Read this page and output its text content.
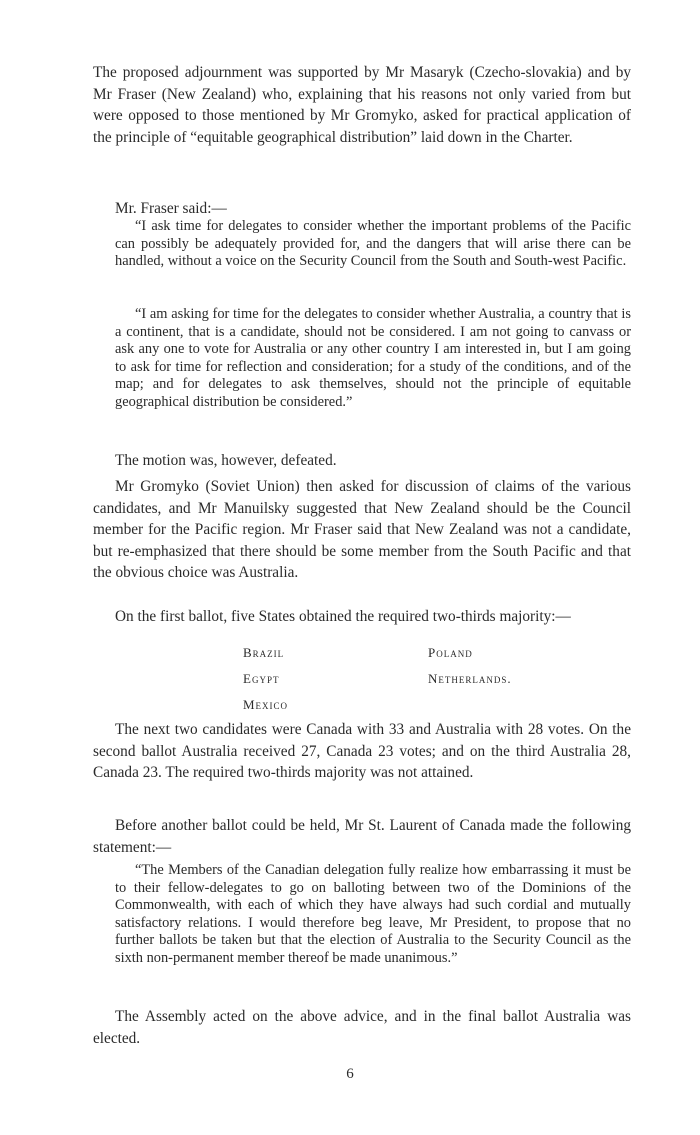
The proposed adjournment was supported by Mr Masaryk (Czecho-slovakia) and by Mr Fraser (New Zealand) who, explaining that his reasons not only varied from but were opposed to those mentioned by Mr Gromyko, asked for practical application of the principle of “equitable geographical distribution” laid down in the Charter.

Mr. Fraser said:—

“I ask time for delegates to consider whether the important problems of the Pacific can possibly be adequately provided for, and the dangers that will arise there can be handled, without a voice on the Security Council from the South and South-west Pacific.

“I am asking for time for the delegates to consider whether Australia, a country that is a continent, that is a candidate, should not be considered. I am not going to canvass or ask any one to vote for Australia or any other country I am interested in, but I am going to ask for time for reflection and consideration; for a study of the conditions, and of the map; and for delegates to ask themselves, should not the principle of equitable geographical distribution be considered.”

The motion was, however, defeated.

Mr Gromyko (Soviet Union) then asked for discussion of claims of the various candidates, and Mr Manuilsky suggested that New Zealand should be the Council member for the Pacific region. Mr Fraser said that New Zealand was not a candidate, but re-emphasized that there should be some member from the South Pacific and that the obvious choice was Australia.

On the first ballot, five States obtained the required two-thirds majority:—

Brazil	Poland
Egypt	Netherlands.
Mexico

The next two candidates were Canada with 33 and Australia with 28 votes. On the second ballot Australia received 27, Canada 23 votes; and on the third Australia 28, Canada 23. The required two-thirds majority was not attained.

Before another ballot could be held, Mr St. Laurent of Canada made the following statement:—

“The Members of the Canadian delegation fully realize how embarrassing it must be to their fellow-delegates to go on balloting between two of the Dominions of the Commonwealth, with each of which they have always had such cordial and mutually satisfactory relations. I would therefore beg leave, Mr President, to propose that no further ballots be taken but that the election of Australia to the Security Council as the sixth non-permanent member thereof be made unanimous.”

The Assembly acted on the above advice, and in the final ballot Australia was elected.

6
